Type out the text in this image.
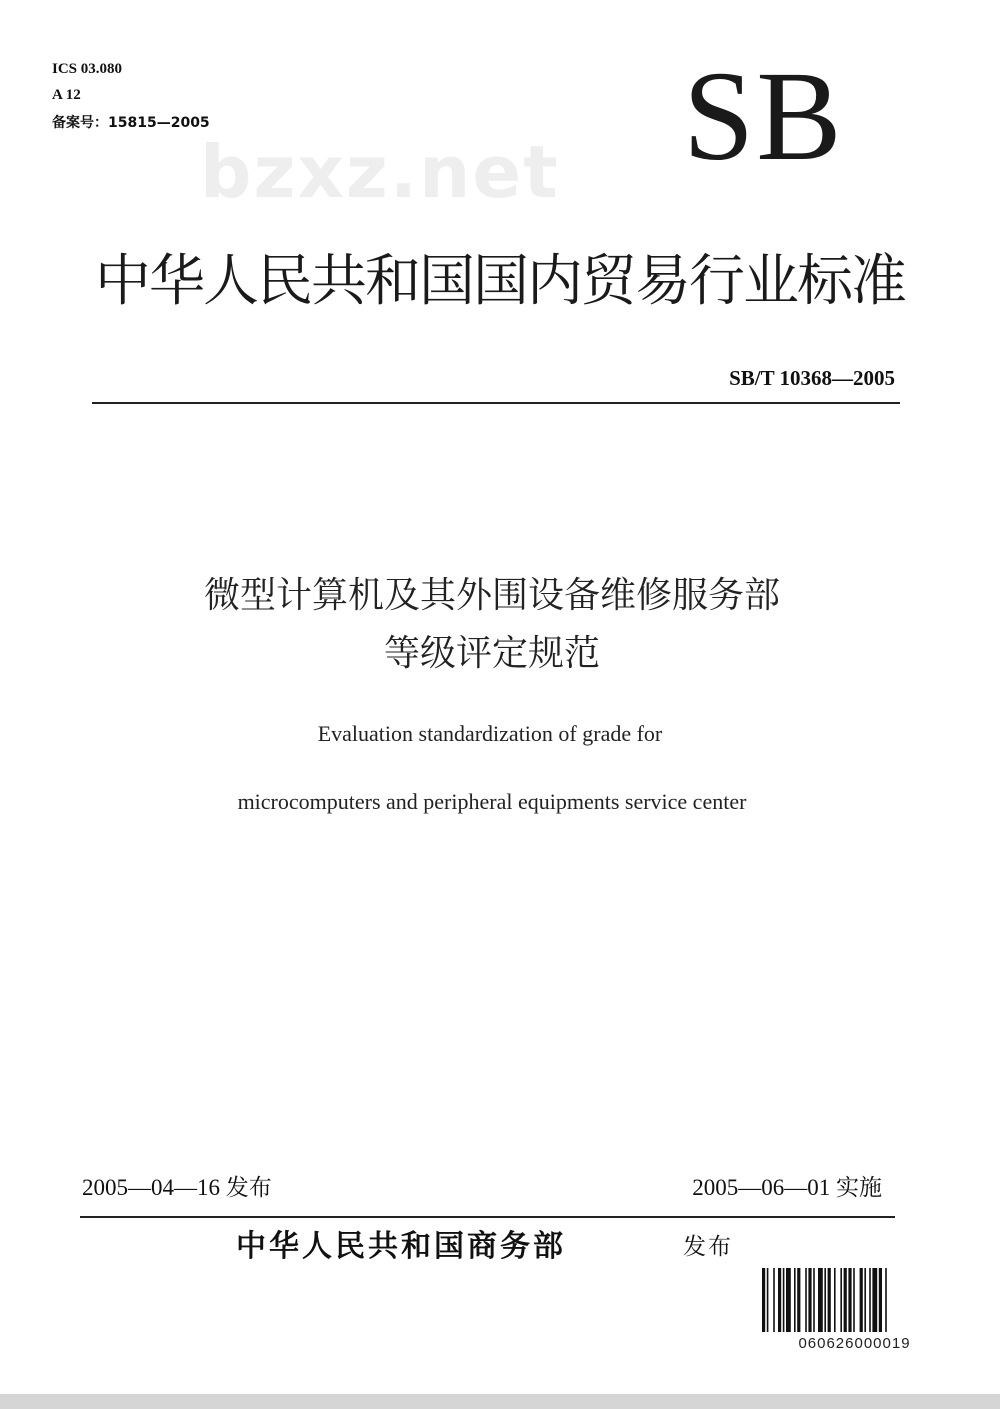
ICS 03.080
A 12
备案号：15815—2005	SB
bzxz.net
中华人民共和国国内贸易行业标准
SB/T 10368—2005
微型计算机及其外围设备维修服务部
等级评定规范
Evaluation standardization of grade for
microcomputers and peripheral equipments service center
2005—04—16 发布	2005—06—01 实施
中华人民共和国商务部	发布
060626000019
